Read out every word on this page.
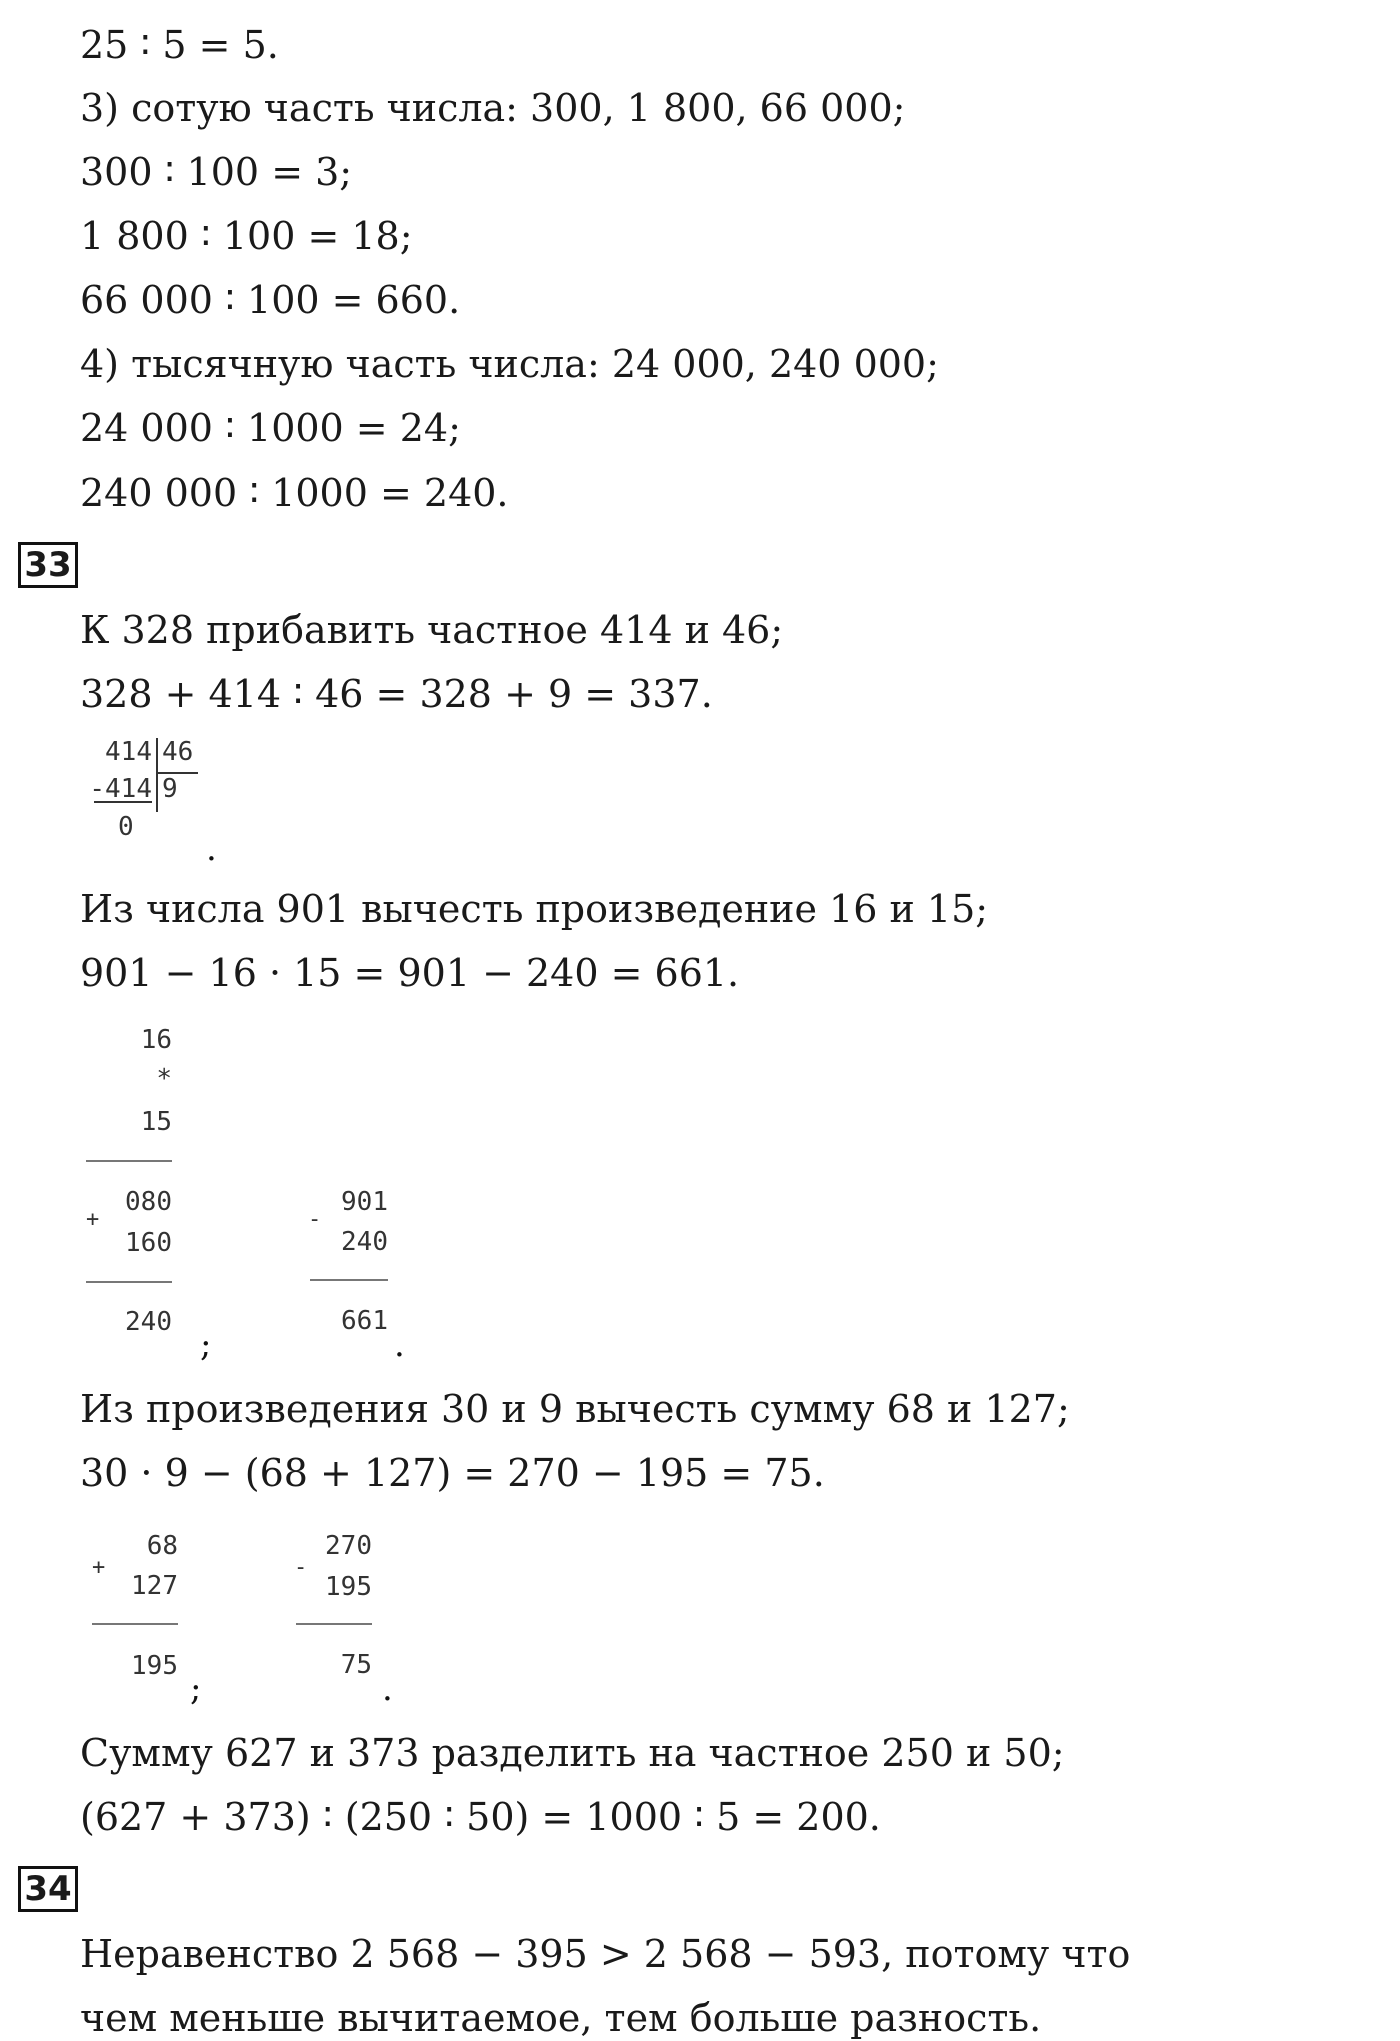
25 ∶ 5 = 5.
3) сотую часть числа: 300, 1 800, 66 000;
300 ∶ 100 = 3;
1 800 ∶ 100 = 18;
66 000 ∶ 100 = 660.
4) тысячную часть числа: 24 000, 240 000;
24 000 ∶ 1000 = 24;
240 000 ∶ 1000 = 240.
33
К 328 прибавить частное 414 и 46;
328 + 414 ∶ 46 = 328 + 9 = 337.
414 46
-414 9
0
.
Из числа 901 вычесть произведение 16 и 15;
901 − 16 · 15 = 901 − 240 = 661.
16
*
15
080
+
160
240
;
-
901
240
661
.
Из произведения 30 и 9 вычесть сумму 68 и 127;
30 · 9 − (68 + 127) = 270 − 195 = 75.
+
68
127
195
;
-
270
195
75
.
Сумму 627 и 373 разделить на частное 250 и 50;
(627 + 373) ∶ (250 ∶ 50) = 1000 ∶ 5 = 200.
34
Неравенство 2 568 − 395 > 2 568 − 593, потому что
чем меньше вычитаемое, тем больше разность.
